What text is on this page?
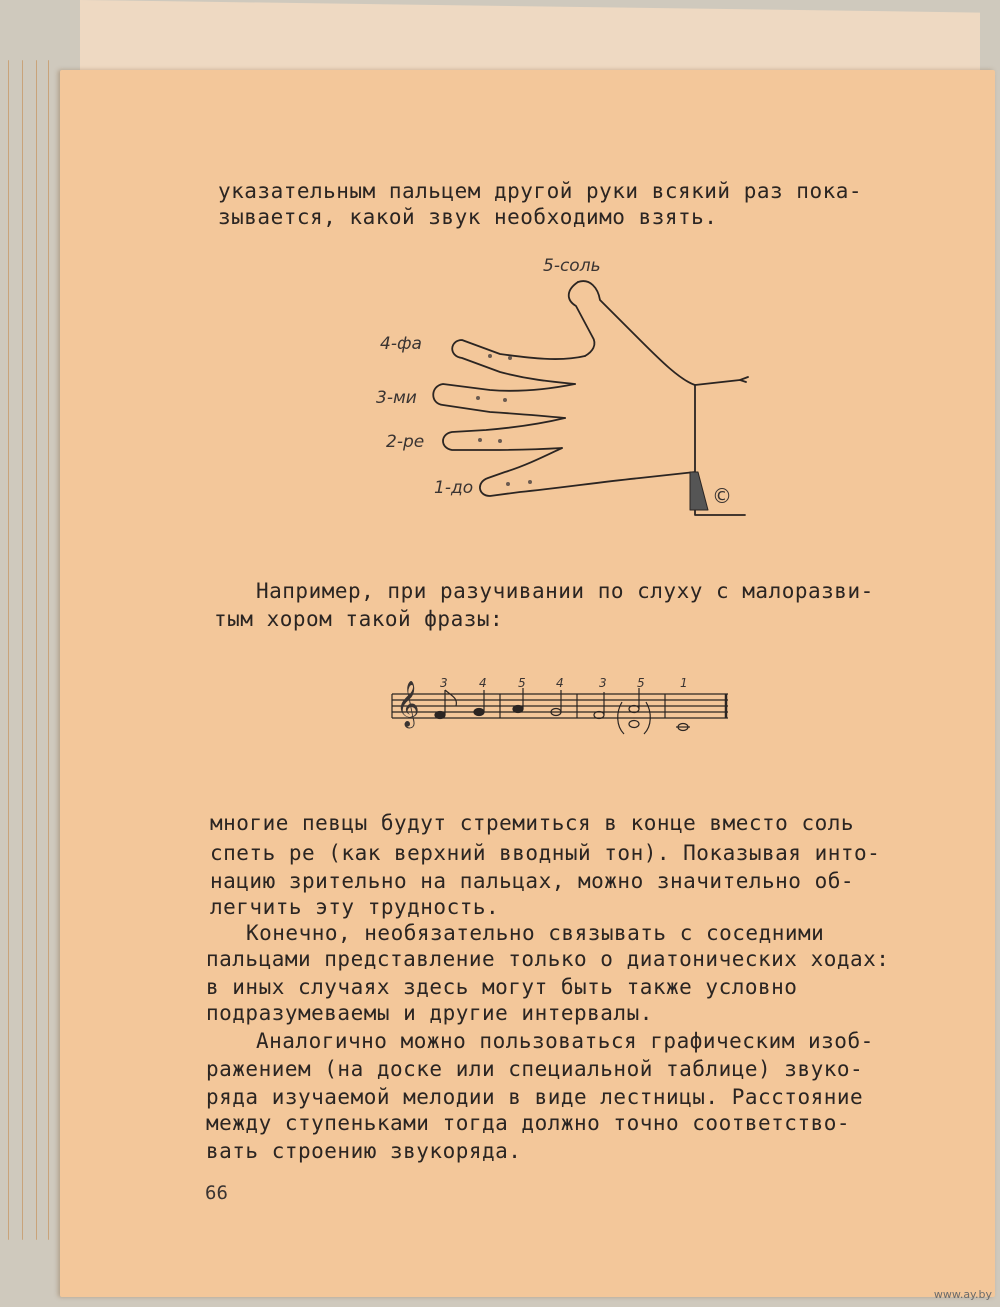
указательным пальцем другой руки всякий раз пока-

зывается, какой звук необходимо взять.

5-соль
4-фа
3-ми
2-ре
1-до	©

Например, при разучивании по слуху с малоразви-

тым хором такой фразы:

𝄞 3	4	5	4	3	5	1

многие певцы будут стремиться в конце вместо соль

спеть ре (как верхний вводный тон). Показывая инто-

нацию зрительно на пальцах, можно значительно об-

легчить эту трудность.

Конечно, необязательно связывать с соседними

пальцами представление только о диатонических ходах:

в иных случаях здесь могут быть также условно

подразумеваемы и другие интервалы.

Аналогично можно пользоваться графическим изоб-

ражением (на доске или специальной таблице) звуко-

ряда изучаемой мелодии в виде лестницы. Расстояние

между ступеньками тогда должно точно соответство-

вать строению звукоряда.

66
www.ay.by
